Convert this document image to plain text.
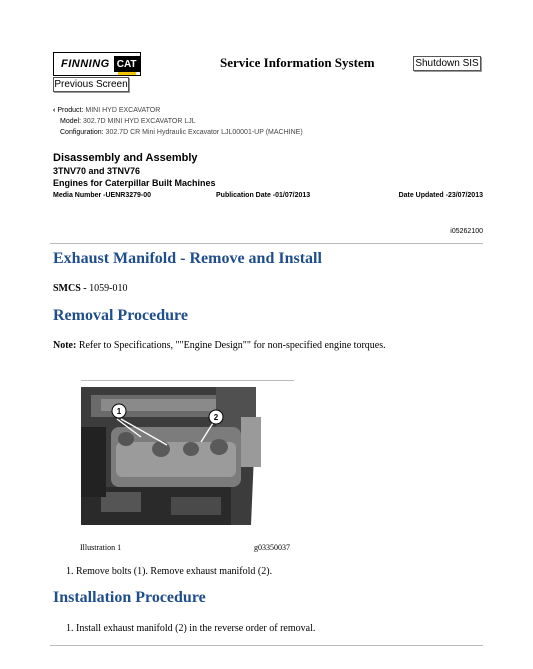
FINNING CAT	Service Information System	Shutdown SIS
Previous Screen
‹ Product: MINI HYD EXCAVATOR
Model: 302.7D MINI HYD EXCAVATOR LJL
Configuration: 302.7D CR Mini Hydraulic Excavator LJL00001-UP (MACHINE)
Disassembly and Assembly
3TNV70 and 3TNV76
Engines for Caterpillar Built Machines
Media Number -UENR3279-00	Publication Date -01/07/2013	Date Updated -23/07/2013
i05262100
Exhaust Manifold - Remove and Install
SMCS - 1059-010
Removal Procedure
Note: Refer to Specifications, ""Engine Design"" for non-specified engine torques.
1
2
Illustration 1	g03350037
1. Remove bolts (1). Remove exhaust manifold (2).
Installation Procedure
1. Install exhaust manifold (2) in the reverse order of removal.
